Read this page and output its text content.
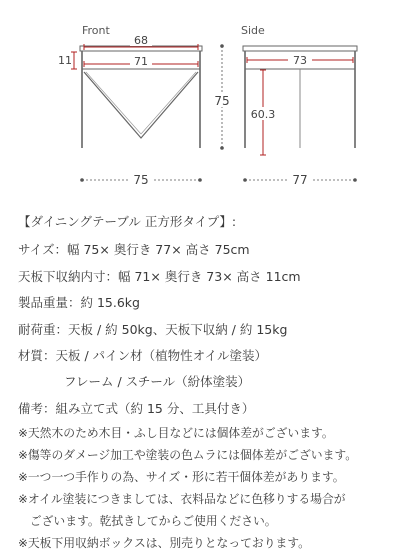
Front	Side
68
71
11
75
75
73
60.3
77
【ダイニングテーブル 正方形タイプ】:
サイズ：幅 75× 奥行き 77× 高さ 75cm
天板下収納内寸：幅 71× 奥行き 73× 高さ 11cm
製品重量：約 15.6kg
耐荷重：天板 / 約 50kg、天板下収納 / 約 15kg
材質：天板 / パイン材（植物性オイル塗装）
フレーム / スチール（紛体塗装）
備考：組み立て式（約 15 分、工具付き）
※天然木のため木目・ふし目などには個体差がございます。
※傷等のダメージ加工や塗装の色ムラには個体差がございます。
※一つ一つ手作りの為、サイズ・形に若干個体差があります。
※オイル塗装につきましては、衣料品などに色移りする場合が
　ございます。乾拭きしてからご使用ください。
※天板下用収納ボックスは、別売りとなっております。
